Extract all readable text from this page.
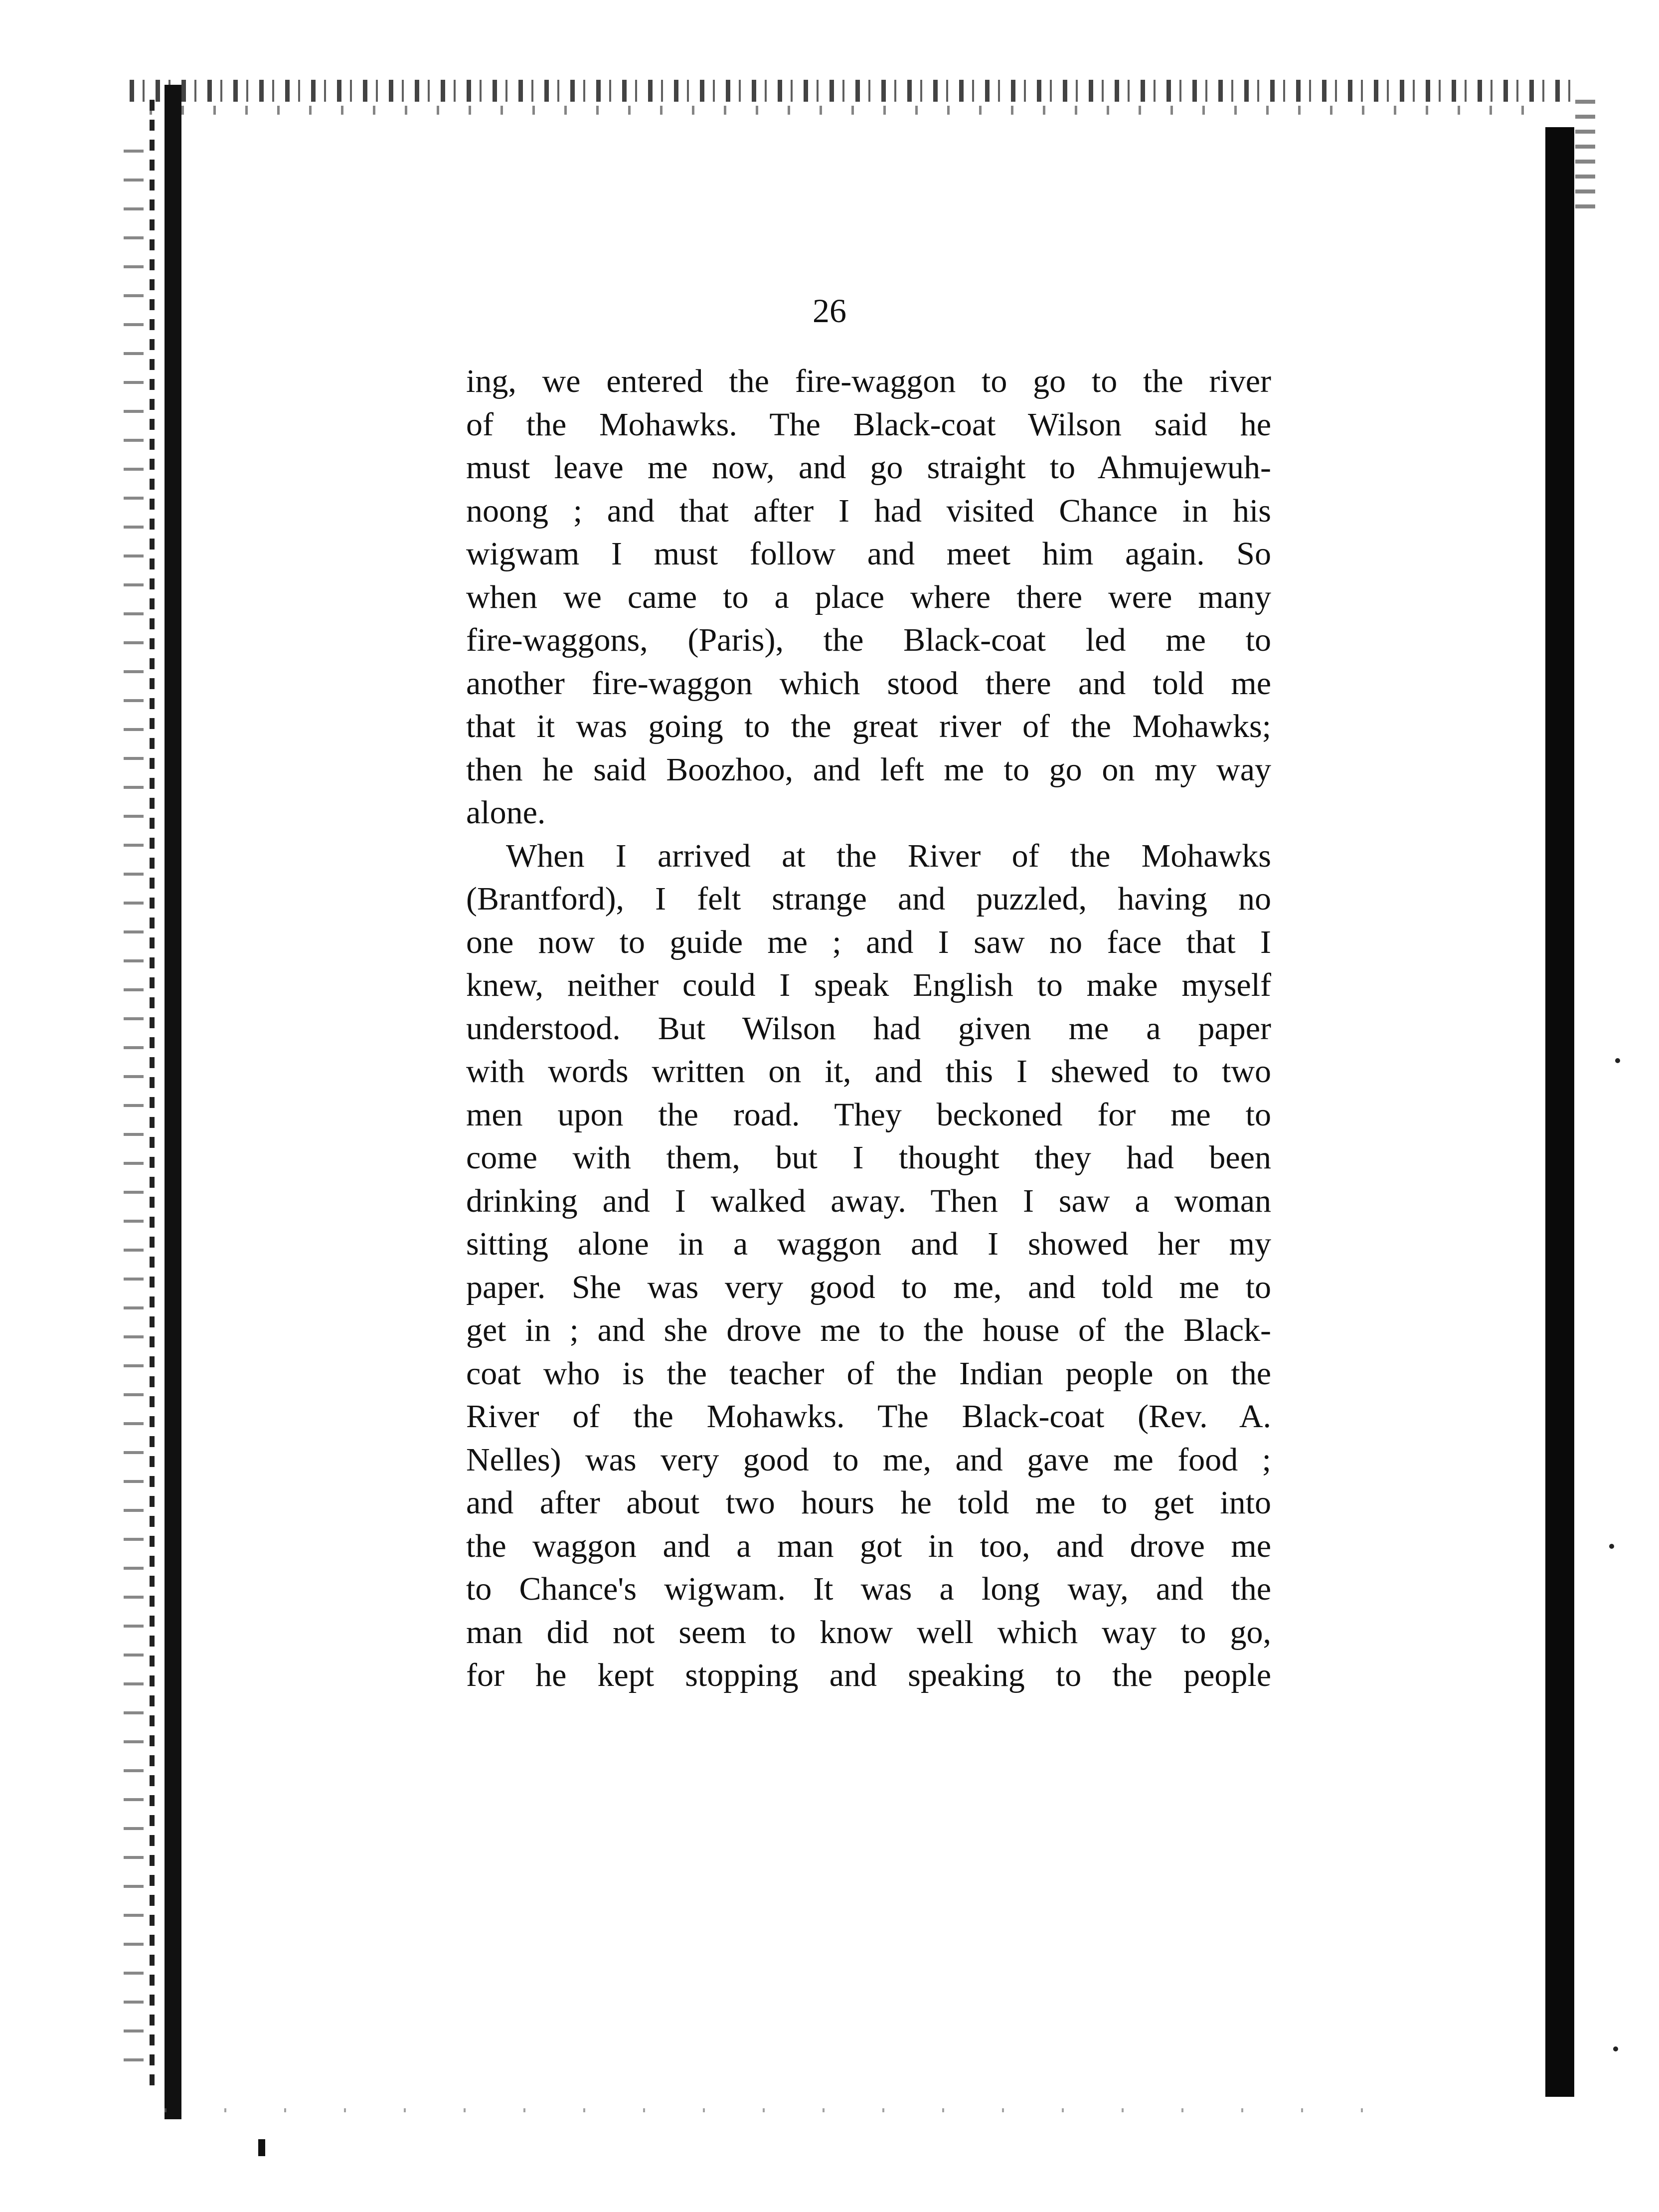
26

ing, we entered the fire-waggon to go to the river
of the Mohawks. The Black-coat Wilson said he
must leave me now, and go straight to Ahmujewuh-
noong ; and that after I had visited Chance in his
wigwam I must follow and meet him again. So
when we came to a place where there were many
fire-waggons, (Paris), the Black-coat led me to
another fire-waggon which stood there and told me
that it was going to the great river of the Mohawks;
then he said Boozhoo, and left me to go on my way
alone.
When I arrived at the River of the Mohawks
(Brantford), I felt strange and puzzled, having no
one now to guide me ; and I saw no face that I
knew, neither could I speak English to make myself
understood. But Wilson had given me a paper
with words written on it, and this I shewed to two
men upon the road. They beckoned for me to
come with them, but I thought they had been
drinking and I walked away. Then I saw a woman
sitting alone in a waggon and I showed her my
paper. She was very good to me, and told me to
get in ; and she drove me to the house of the Black-
coat who is the teacher of the Indian people on the
River of the Mohawks. The Black-coat (Rev. A.
Nelles) was very good to me, and gave me food ;
and after about two hours he told me to get into
the waggon and a man got in too, and drove me
to Chance's wigwam. It was a long way, and the
man did not seem to know well which way to go,
for he kept stopping and speaking to the people
